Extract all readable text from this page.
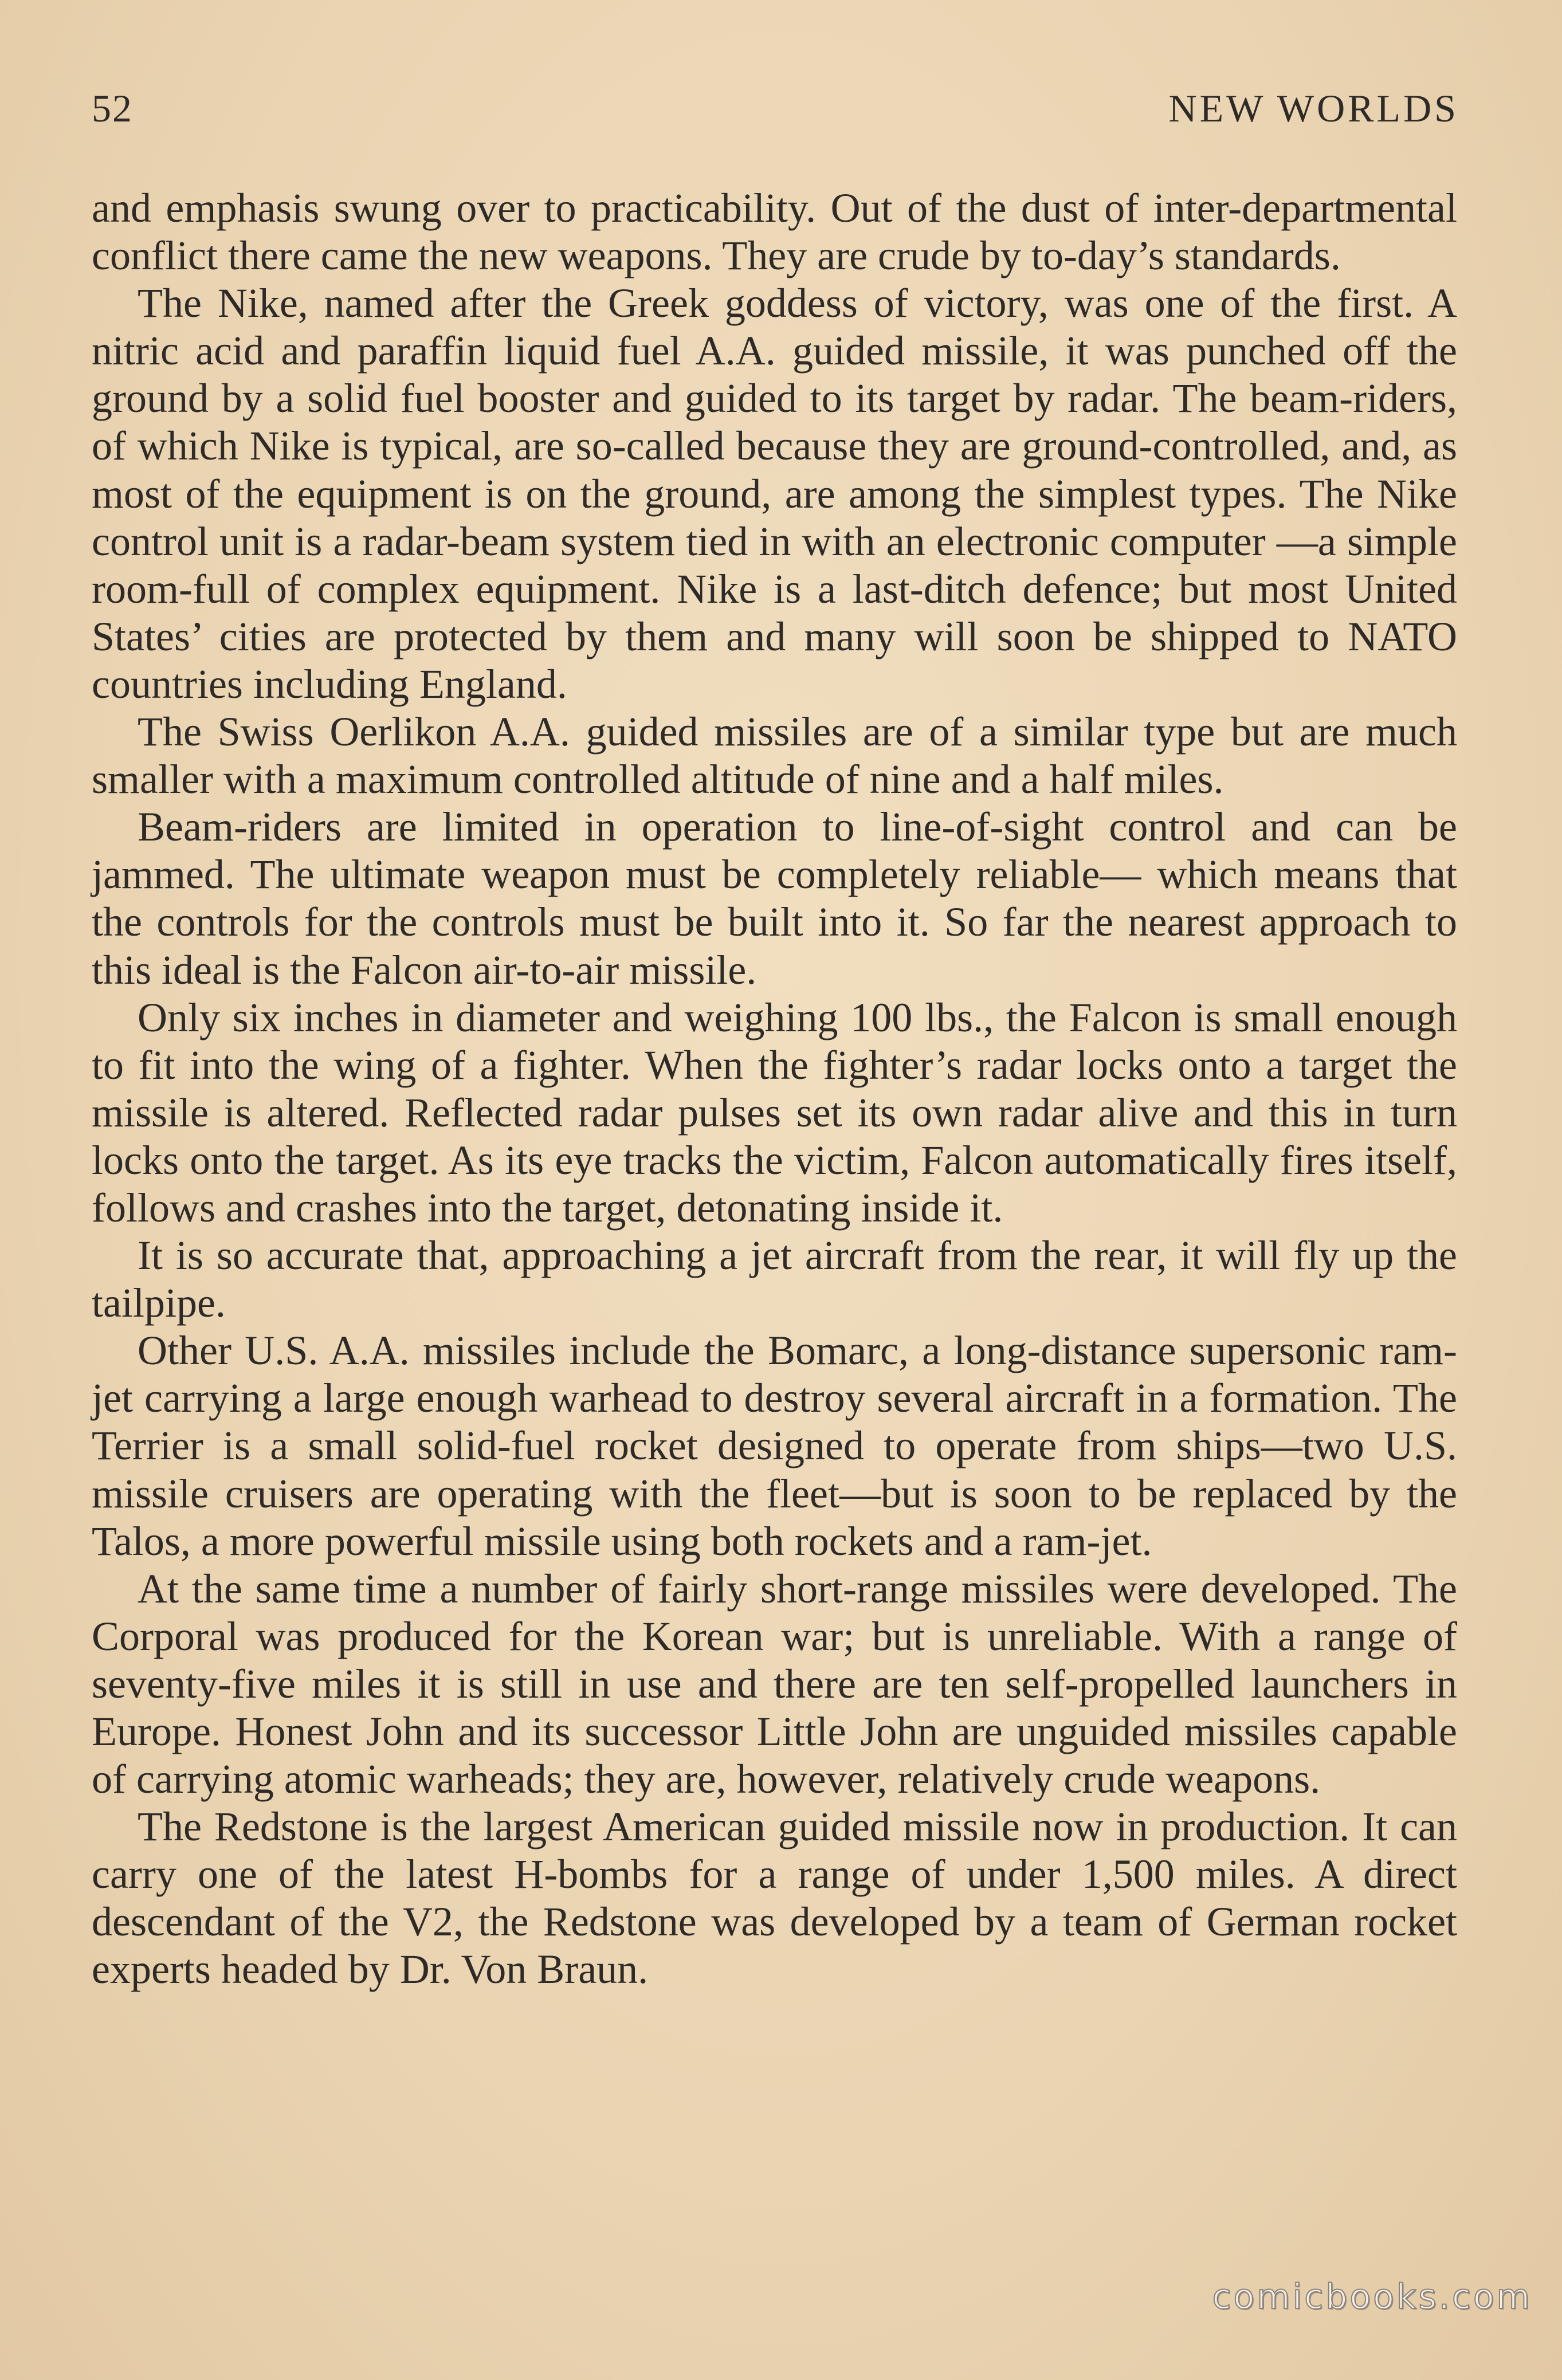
52	NEW WORLDS

and emphasis swung over to practicability. Out of the dust of inter-departmental conflict there came the new weapons. They are crude by to-day’s standards.

The Nike, named after the Greek goddess of victory, was one of the first. A nitric acid and paraffin liquid fuel A.A. guided missile, it was punched off the ground by a solid fuel booster and guided to its target by radar. The beam-riders, of which Nike is typical, are so-called because they are ground-controlled, and, as most of the equipment is on the ground, are among the simplest types. The Nike control unit is a radar-beam system tied in with an electronic computer —a simple room-full of complex equipment. Nike is a last-ditch defence; but most United States’ cities are protected by them and many will soon be shipped to NATO countries including England.

The Swiss Oerlikon A.A. guided missiles are of a similar type but are much smaller with a maximum controlled altitude of nine and a half miles.

Beam-riders are limited in operation to line-of-sight control and can be jammed. The ultimate weapon must be completely reliable— which means that the controls for the controls must be built into it. So far the nearest approach to this ideal is the Falcon air-to-air missile.

Only six inches in diameter and weighing 100 lbs., the Falcon is small enough to fit into the wing of a fighter. When the fighter’s radar locks onto a target the missile is altered. Reflected radar pulses set its own radar alive and this in turn locks onto the target. As its eye tracks the victim, Falcon automatically fires itself, follows and crashes into the target, detonating inside it.

It is so accurate that, approaching a jet aircraft from the rear, it will fly up the tailpipe.

Other U.S. A.A. missiles include the Bomarc, a long-distance supersonic ram-jet carrying a large enough warhead to destroy several aircraft in a formation. The Terrier is a small solid-fuel rocket designed to operate from ships—two U.S. missile cruisers are operating with the fleet—but is soon to be replaced by the Talos, a more powerful missile using both rockets and a ram-jet.

At the same time a number of fairly short-range missiles were developed. The Corporal was produced for the Korean war; but is unreliable. With a range of seventy-five miles it is still in use and there are ten self-propelled launchers in Europe. Honest John and its successor Little John are unguided missiles capable of carrying atomic warheads; they are, however, relatively crude weapons.

The Redstone is the largest American guided missile now in production. It can carry one of the latest H-bombs for a range of under 1,500 miles. A direct descendant of the V2, the Redstone was developed by a team of German rocket experts headed by Dr. Von Braun.

comicbooks.com
